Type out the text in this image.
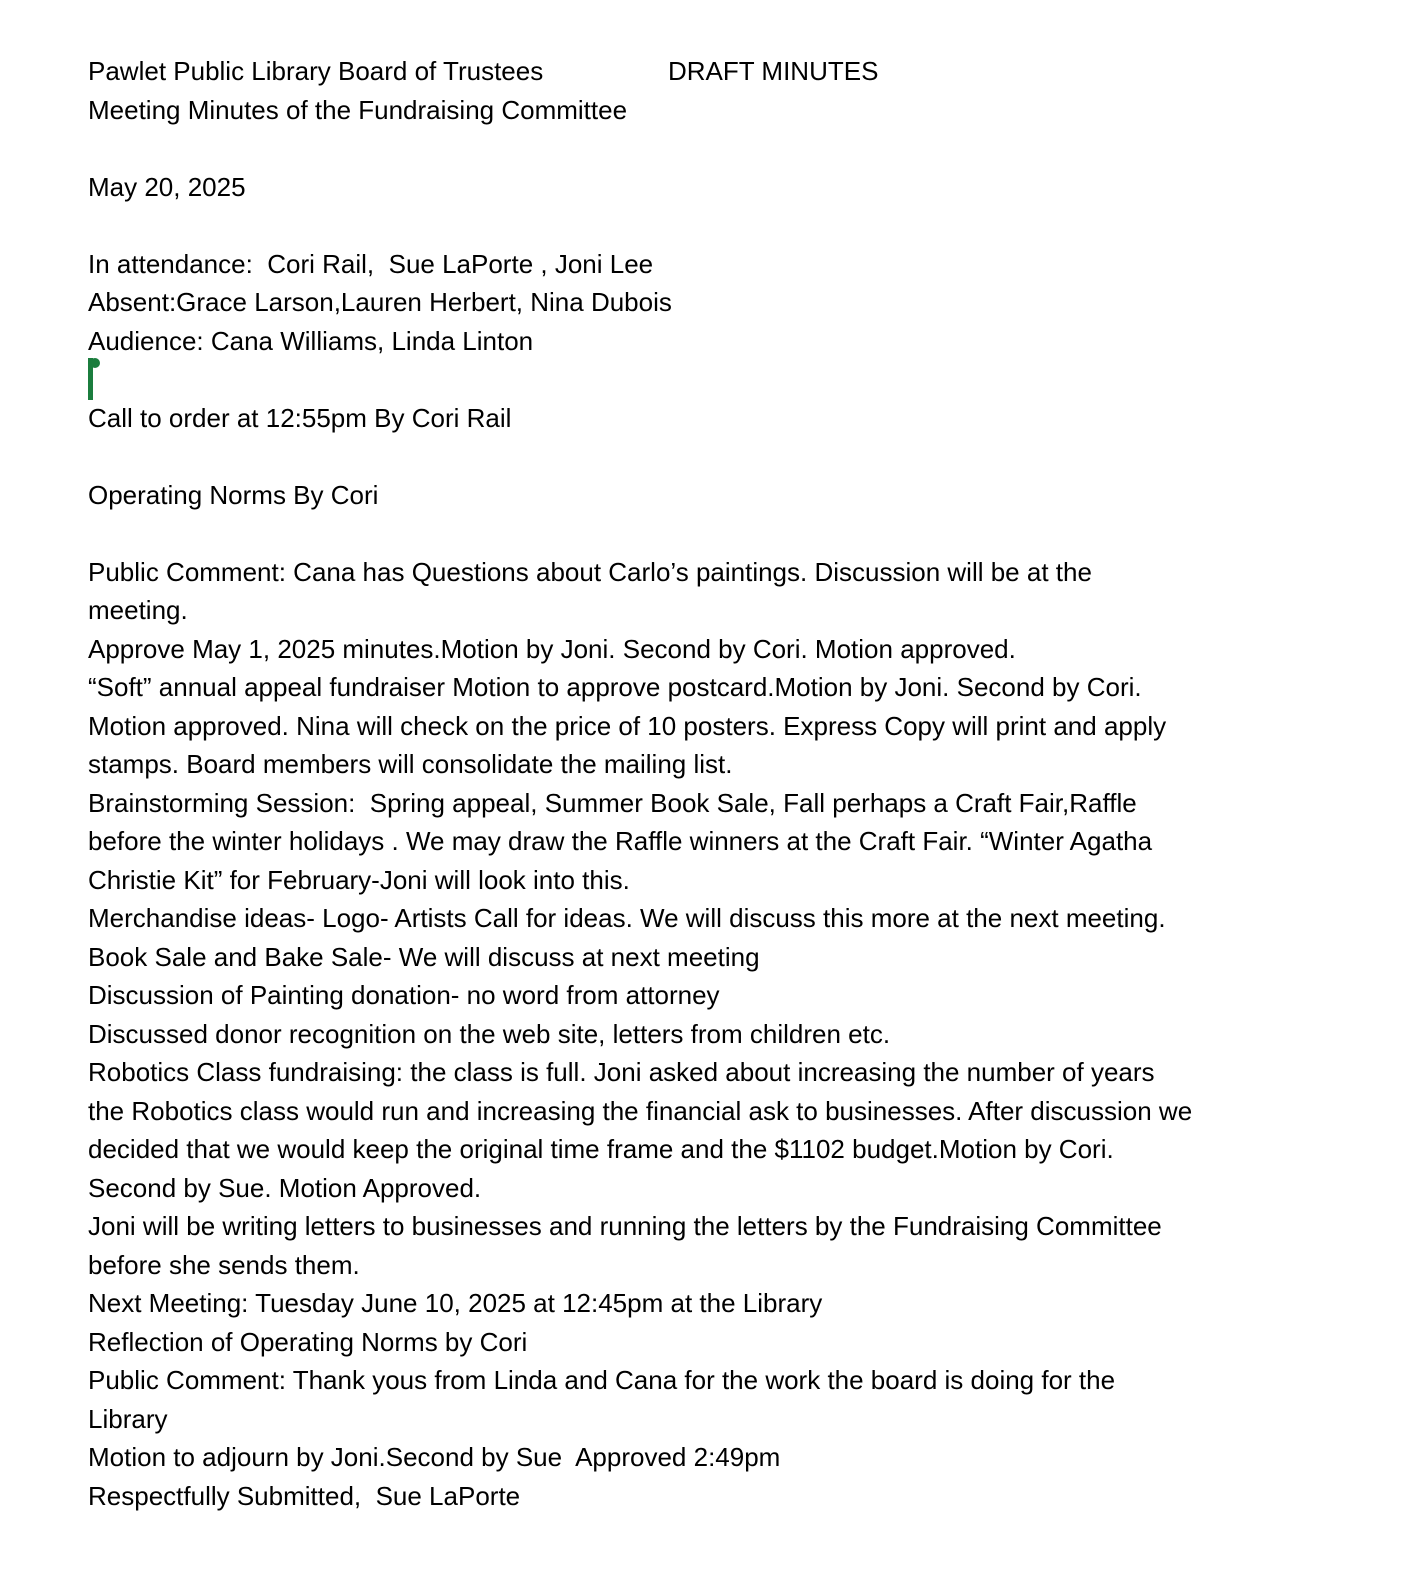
Pawlet Public Library Board of Trustees	DRAFT MINUTES
Meeting Minutes of the Fundraising Committee
May 20, 2025
In attendance:  Cori Rail,  Sue LaPorte , Joni Lee
Absent:Grace Larson,Lauren Herbert, Nina Dubois
Audience: Cana Williams, Linda Linton
Call to order at 12:55pm By Cori Rail
Operating Norms By Cori
Public Comment: Cana has Questions about Carlo’s paintings. Discussion will be at the
meeting.
Approve May 1, 2025 minutes.Motion by Joni. Second by Cori. Motion approved.
“Soft” annual appeal fundraiser Motion to approve postcard.Motion by Joni. Second by Cori.
Motion approved. Nina will check on the price of 10 posters. Express Copy will print and apply
stamps. Board members will consolidate the mailing list.
Brainstorming Session:  Spring appeal, Summer Book Sale, Fall perhaps a Craft Fair,Raffle
before the winter holidays . We may draw the Raffle winners at the Craft Fair. “Winter Agatha
Christie Kit” for February-Joni will look into this.
Merchandise ideas- Logo- Artists Call for ideas. We will discuss this more at the next meeting.
Book Sale and Bake Sale- We will discuss at next meeting
Discussion of Painting donation- no word from attorney
Discussed donor recognition on the web site, letters from children etc.
Robotics Class fundraising: the class is full. Joni asked about increasing the number of years
the Robotics class would run and increasing the financial ask to businesses. After discussion we
decided that we would keep the original time frame and the $1102 budget.Motion by Cori.
Second by Sue. Motion Approved.
Joni will be writing letters to businesses and running the letters by the Fundraising Committee
before she sends them.
Next Meeting: Tuesday June 10, 2025 at 12:45pm at the Library
Reflection of Operating Norms by Cori
Public Comment: Thank yous from Linda and Cana for the work the board is doing for the
Library
Motion to adjourn by Joni.Second by Sue  Approved 2:49pm
Respectfully Submitted,  Sue LaPorte
